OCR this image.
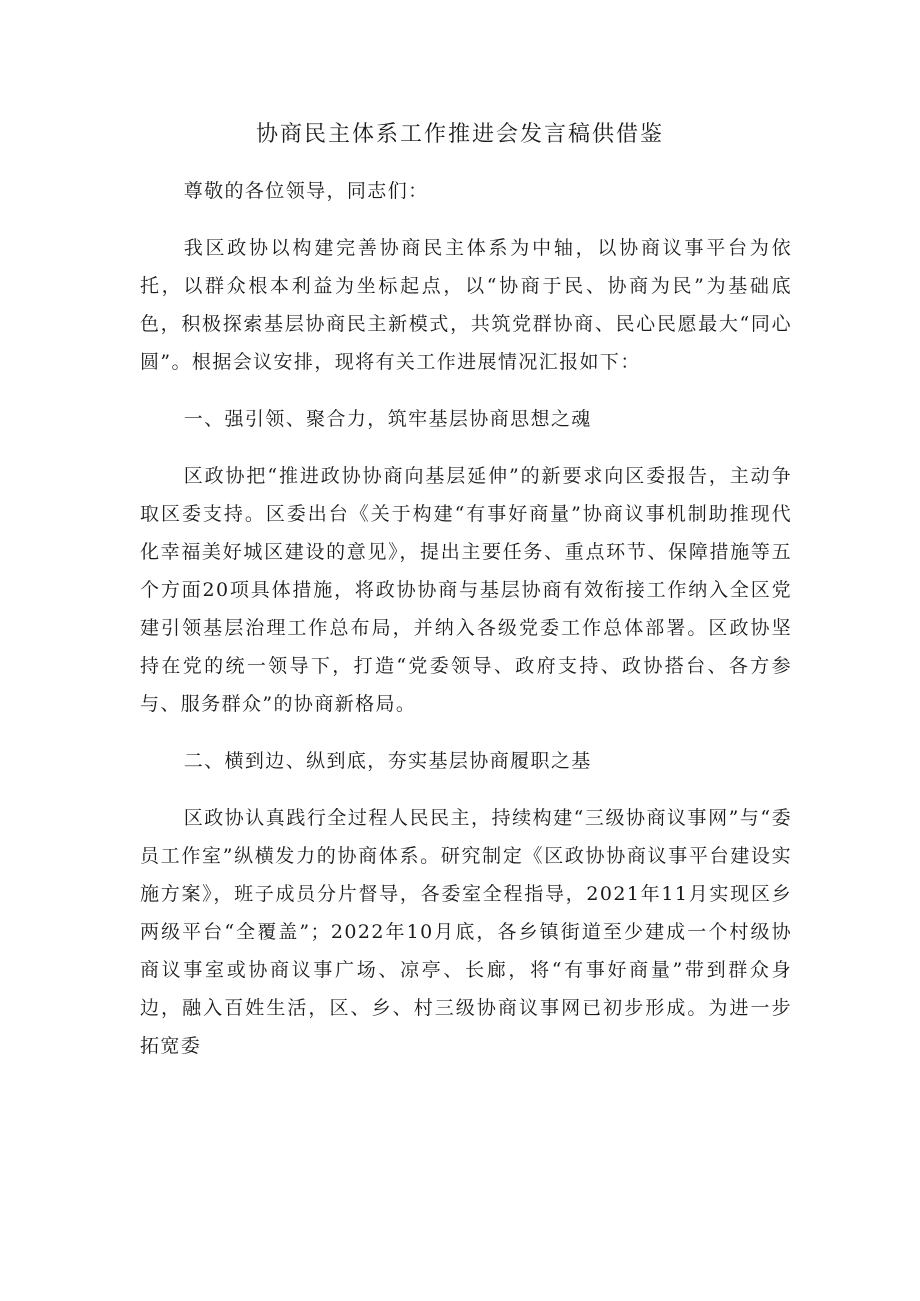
协商民主体系工作推进会发言稿供借鉴

尊敬的各位领导，同志们：

我区政协以构建完善协商民主体系为中轴，以协商议事平台为依托，以群众根本利益为坐标起点，以“协商于民、协商为民”为基础底色，积极探索基层协商民主新模式，共筑党群协商、民心民愿最大“同心圆”。根据会议安排，现将有关工作进展情况汇报如下：

一、强引领、聚合力，筑牢基层协商思想之魂

区政协把“推进政协协商向基层延伸”的新要求向区委报告，主动争取区委支持。区委出台《关于构建“有事好商量”协商议事机制助推现代化幸福美好城区建设的意见》，提出主要任务、重点环节、保障措施等五个方面20项具体措施，将政协协商与基层协商有效衔接工作纳入全区党建引领基层治理工作总布局，并纳入各级党委工作总体部署。区政协坚持在党的统一领导下，打造“党委领导、政府支持、政协搭台、各方参与、服务群众”的协商新格局。

二、横到边、纵到底，夯实基层协商履职之基

区政协认真践行全过程人民民主，持续构建“三级协商议事网”与“委员工作室”纵横发力的协商体系。研究制定《区政协协商议事平台建设实施方案》，班子成员分片督导，各委室全程指导，2021年11月实现区乡两级平台“全覆盖”；2022年10月底，各乡镇街道至少建成一个村级协商议事室或协商议事广场、凉亭、长廊，将“有事好商量”带到群众身边，融入百姓生活，区、乡、村三级协商议事网已初步形成。为进一步拓宽委
